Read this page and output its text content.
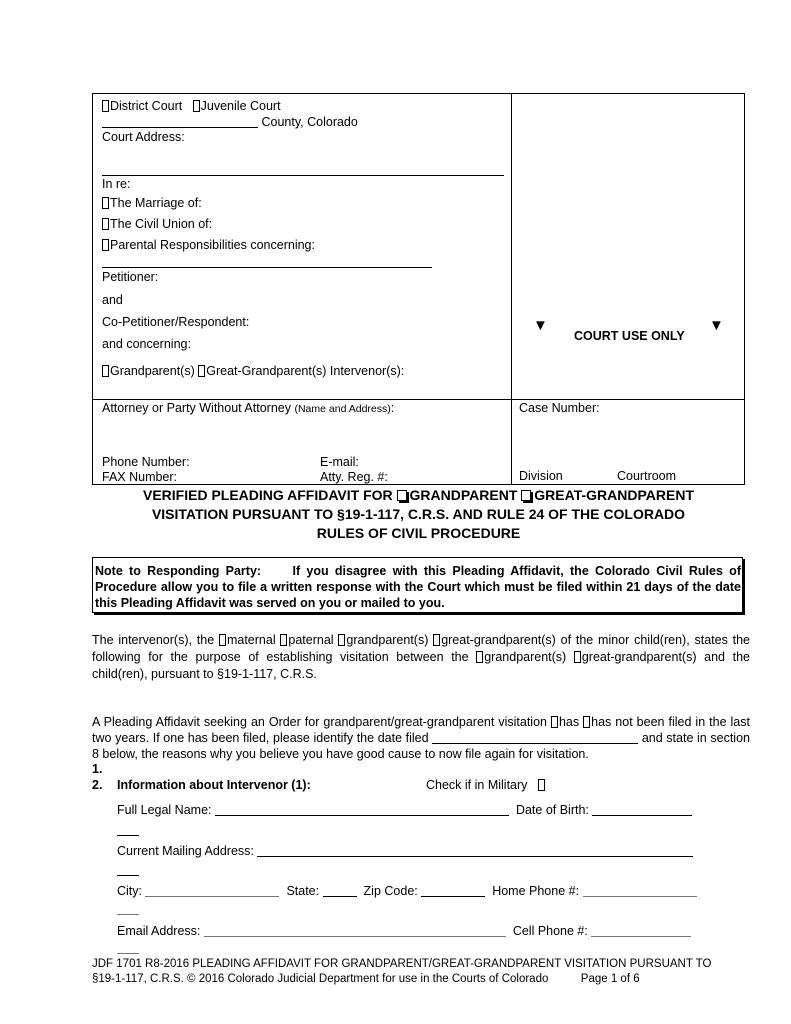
District Court Juvenile Court
County, Colorado
Court Address:
In re:
The Marriage of:
The Civil Union of:
Parental Responsibilities concerning:
Petitioner:
and
Co-Petitioner/Respondent:
and concerning:
Grandparent(s) Great-Grandparent(s) Intervenor(s):
▼
COURT USE ONLY
▼
Attorney or Party Without Attorney (Name and Address):
Phone Number:	E-mail:
FAX Number:	Atty. Reg. #:
Case Number:
Division	Courtroom
VERIFIED PLEADING AFFIDAVIT FOR GRANDPARENT GREAT-GRANDPARENT
VISITATION PURSUANT TO §19-1-117, C.R.S. AND RULE 24 OF THE COLORADO
RULES OF CIVIL PROCEDURE
Note to Responding Party:	If you disagree with this Pleading Affidavit, the Colorado Civil Rules of Procedure allow you to file a written response with the Court which must be filed within 21 days of the date this Pleading Affidavit was served on you or mailed to you.
The intervenor(s), the maternal paternal grandparent(s) great-grandparent(s) of the minor child(ren), states the following for the purpose of establishing visitation between the grandparent(s) great-grandparent(s) and the child(ren), pursuant to §19-1-117, C.R.S.
A Pleading Affidavit seeking an Order for grandparent/great-grandparent visitation has has not been filed in the last two years. If one has been filed, please identify the date filed	and state in section 8 below, the reasons why you believe you have good cause to now file again for visitation.
1.
2. Information about Intervenor (1):	Check if in Military
Full Legal Name:	Date of Birth:
Current Mailing Address:
City:	State:	Zip Code:	Home Phone #:
Email Address:	Cell Phone #:
JDF 1701 R8-2016 PLEADING AFFIDAVIT FOR GRANDPARENT/GREAT-GRANDPARENT VISITATION PURSUANT TO
§19-1-117, C.R.S. © 2016 Colorado Judicial Department for use in the Courts of Colorado	Page 1 of 6
